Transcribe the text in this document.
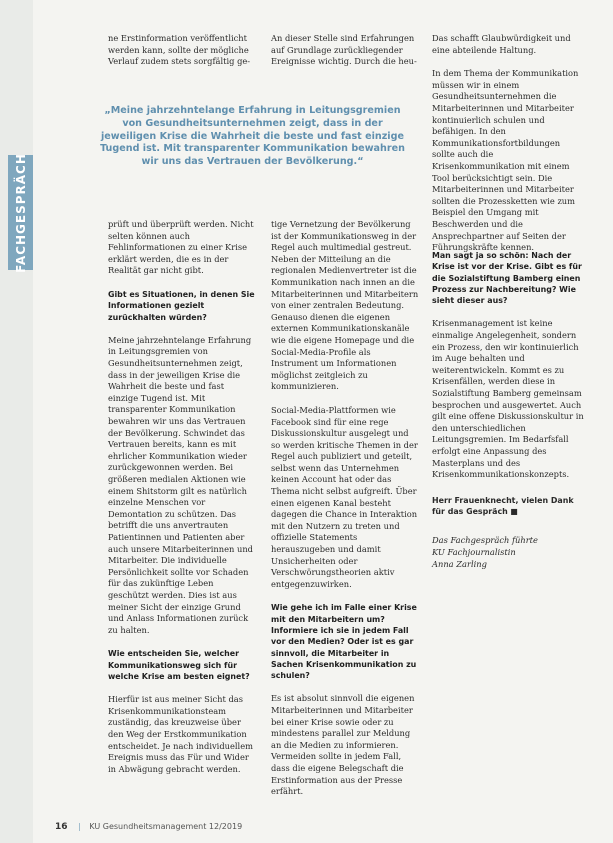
FACHGESPRÄCH

ne Erstinformation veröffentlicht werden kann, sollte der mögliche Verlauf zudem stets sorgfältig ge-

An dieser Stelle sind Erfahrungen auf Grundlage zurückliegender Ereignisse wichtig. Durch die heu-

Das schafft Glaubwürdigkeit und eine abteilende Haltung.

In dem Thema der Kommunikation müssen wir in einem Gesundheitsunternehmen die Mitarbeiterinnen und Mitarbeiter kontinuierlich schulen und befähigen. In den Kommunikationsfortbildungen sollte auch die Krisenkommunikation mit einem Tool berücksichtigt sein. Die Mitarbeiterinnen und Mitarbeiter sollten die Prozessketten wie zum Beispiel den Umgang mit Beschwerden und die Ansprechpartner auf Seiten der Führungskräfte kennen.

„Meine jahrzehntelange Erfahrung in Leitungsgremien von Gesundheitsunternehmen zeigt, dass in der jeweiligen Krise die Wahrheit die beste und fast einzige Tugend ist. Mit transparenter Kommunikation bewahren wir uns das Vertrauen der Bevölkerung.“

prüft und überprüft werden. Nicht selten können auch Fehlinformationen zu einer Krise erklärt werden, die es in der Realität gar nicht gibt.

Gibt es Situationen, in denen Sie Informationen gezielt zurückhalten würden?

Meine jahrzehntelange Erfahrung in Leitungsgremien von Gesundheitsunternehmen zeigt, dass in der jeweiligen Krise die Wahrheit die beste und fast einzige Tugend ist. Mit transparenter Kommunikation bewahren wir uns das Vertrauen der Bevölkerung. Schwindet das Vertrauen bereits, kann es mit ehrlicher Kommunikation wieder zurückgewonnen werden. Bei größeren medialen Aktionen wie einem Shitstorm gilt es natürlich einzelne Menschen vor Demontation zu schützen. Das betrifft die uns anvertrauten Patientinnen und Patienten aber auch unsere Mitarbeiterinnen und Mitarbeiter. Die individuelle Persönlichkeit sollte vor Schaden für das zukünftige Leben geschützt werden. Dies ist aus meiner Sicht der einzige Grund und Anlass Informationen zurück zu halten.

Wie entscheiden Sie, welcher Kommunikationsweg sich für welche Krise am besten eignet?

Hierfür ist aus meiner Sicht das Krisenkommunikationsteam zuständig, das kreuzweise über den Weg der Erstkommunikation entscheidet. Je nach individuellem Ereignis muss das Für und Wider in Abwägung gebracht werden.

tige Vernetzung der Bevölkerung ist der Kommunikationsweg in der Regel auch multimedial gestreut. Neben der Mitteilung an die regionalen Medienvertreter ist die Kommunikation nach innen an die Mitarbeiterinnen und Mitarbeitern von einer zentralen Bedeutung. Genauso dienen die eigenen externen Kommunikationskanäle wie die eigene Homepage und die Social-Media-Profile als Instrument um Informationen möglichst zeitgleich zu kommunizieren.

Social-Media-Plattformen wie Facebook sind für eine rege Diskussionskultur ausgelegt und so werden kritische Themen in der Regel auch publiziert und geteilt, selbst wenn das Unternehmen keinen Account hat oder das Thema nicht selbst aufgreift. Über einen eigenen Kanal besteht dagegen die Chance in Interaktion mit den Nutzern zu treten und offizielle Statements herauszugeben und damit Unsicherheiten oder Verschwörungstheorien aktiv entgegenzuwirken.

Wie gehe ich im Falle einer Krise mit den Mitarbeitern um? Informiere ich sie in jedem Fall vor den Medien? Oder ist es gar sinnvoll, die Mitarbeiter in Sachen Krisenkommunikation zu schulen?

Es ist absolut sinnvoll die eigenen Mitarbeiterinnen und Mitarbeiter bei einer Krise sowie oder zu mindestens parallel zur Meldung an die Medien zu informieren. Vermeiden sollte in jedem Fall, dass die eigene Belegschaft die Erstinformation aus der Presse erfährt.

Man sagt ja so schön: Nach der Krise ist vor der Krise. Gibt es für die Sozialstiftung Bamberg einen Prozess zur Nachbereitung? Wie sieht dieser aus?

Krisenmanagement ist keine einmalige Angelegenheit, sondern ein Prozess, den wir kontinuierlich im Auge behalten und weiterentwickeln. Kommt es zu Krisenfällen, werden diese in Sozialstiftung Bamberg gemeinsam besprochen und ausgewertet. Auch gilt eine offene Diskussionskultur in den unterschiedlichen Leitungsgremien. Im Bedarfsfall erfolgt eine Anpassung des Masterplans und des Krisenkommunikationskonzepts.

Herr Frauenknecht, vielen Dank für das Gespräch ■

Das Fachgespräch führte
KU Fachjournalistin
Anna Zarling
16 | KU Gesundheitsmanagement 12/2019
